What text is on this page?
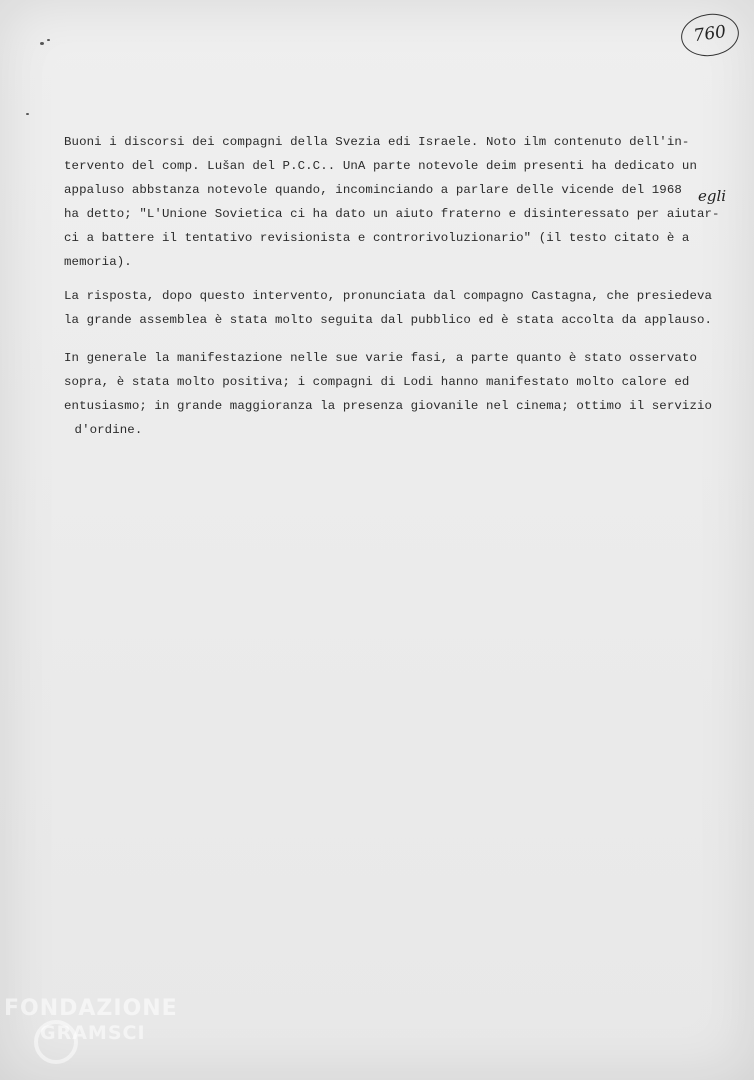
760
egli
Buoni i discorsi dei compagni della Svezia edi Israele. Noto ilm contenuto dell'in-
tervento del comp. Lušan del P.C.C.. UnA parte notevole deim presenti ha dedicato un
appaluso abbstanza notevole quando, incominciando a parlare delle vicende del 1968
ha detto; "L'Unione Sovietica ci ha dato un aiuto fraterno e disinteressato per aiutar-
ci a battere il tentativo revisionista e controrivoluzionario" (il testo citato è a
memoria).
La risposta, dopo questo intervento, pronunciata dal compagno Castagna, che presiedeva
la grande assemblea è stata molto seguita dal pubblico ed è stata accolta da applauso.
In generale la manifestazione nelle sue varie fasi, a parte quanto è stato osservato
sopra, è stata molto positiva; i compagni di Lodi hanno manifestato molto calore ed
entusiasmo; in grande maggioranza la presenza giovanile nel cinema; ottimo il servizio
d'ordine.
FONDAZIONE
GRAMSCI
